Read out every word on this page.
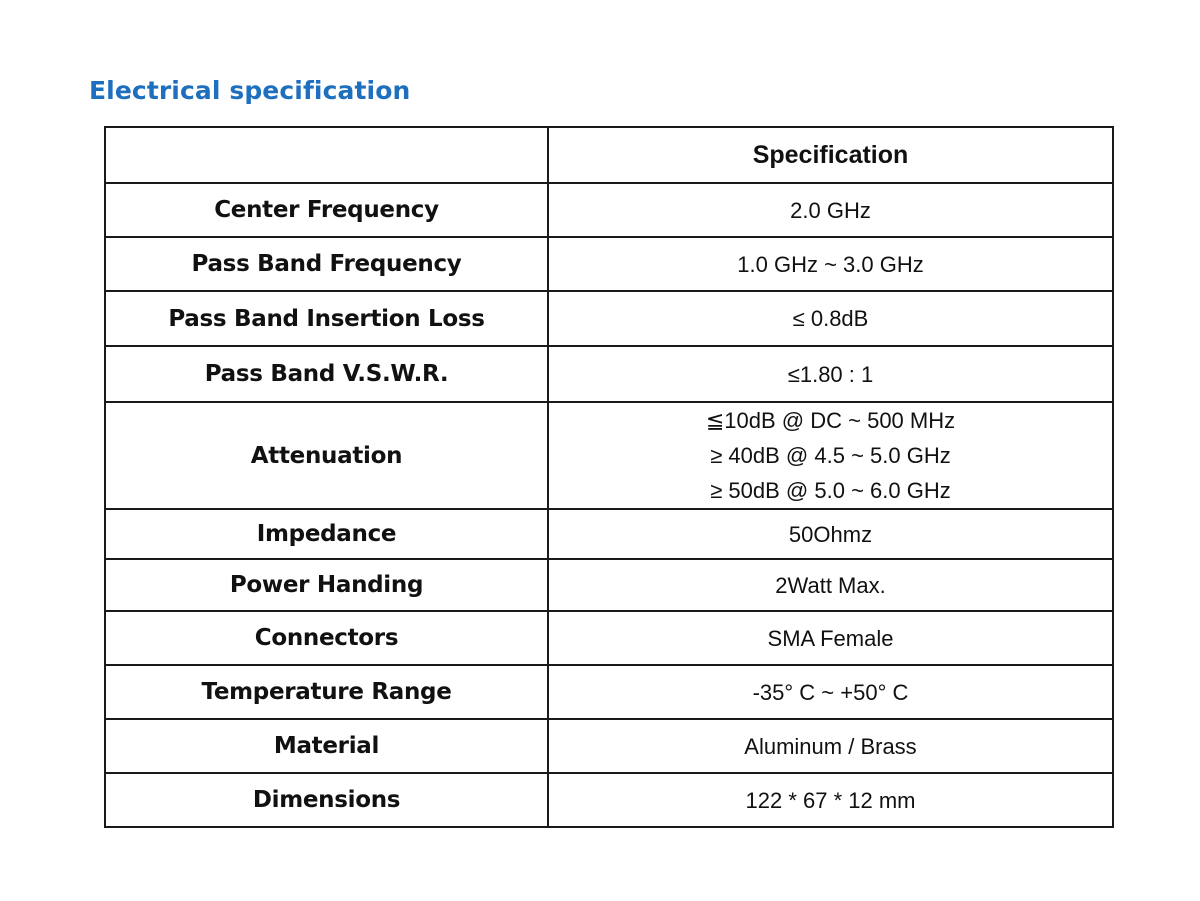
Electrical specification
	Specification
Center Frequency	2.0 GHz

Pass Band Frequency	1.0 GHz ~ 3.0 GHz

Pass Band Insertion Loss	≤ 0.8dB

Pass Band V.S.W.R.	≤1.80 : 1

Attenuation	≦10dB @ DC ~ 500 MHz
≥ 40dB @ 4.5 ~ 5.0 GHz
≥ 50dB @ 5.0 ~ 6.0 GHz

Impedance	50Ohmz

Power Handing	2Watt Max.

Connectors	SMA Female

Temperature Range	-35° C ~ +50° C

Material	Aluminum / Brass

Dimensions	122 * 67 * 12 mm
